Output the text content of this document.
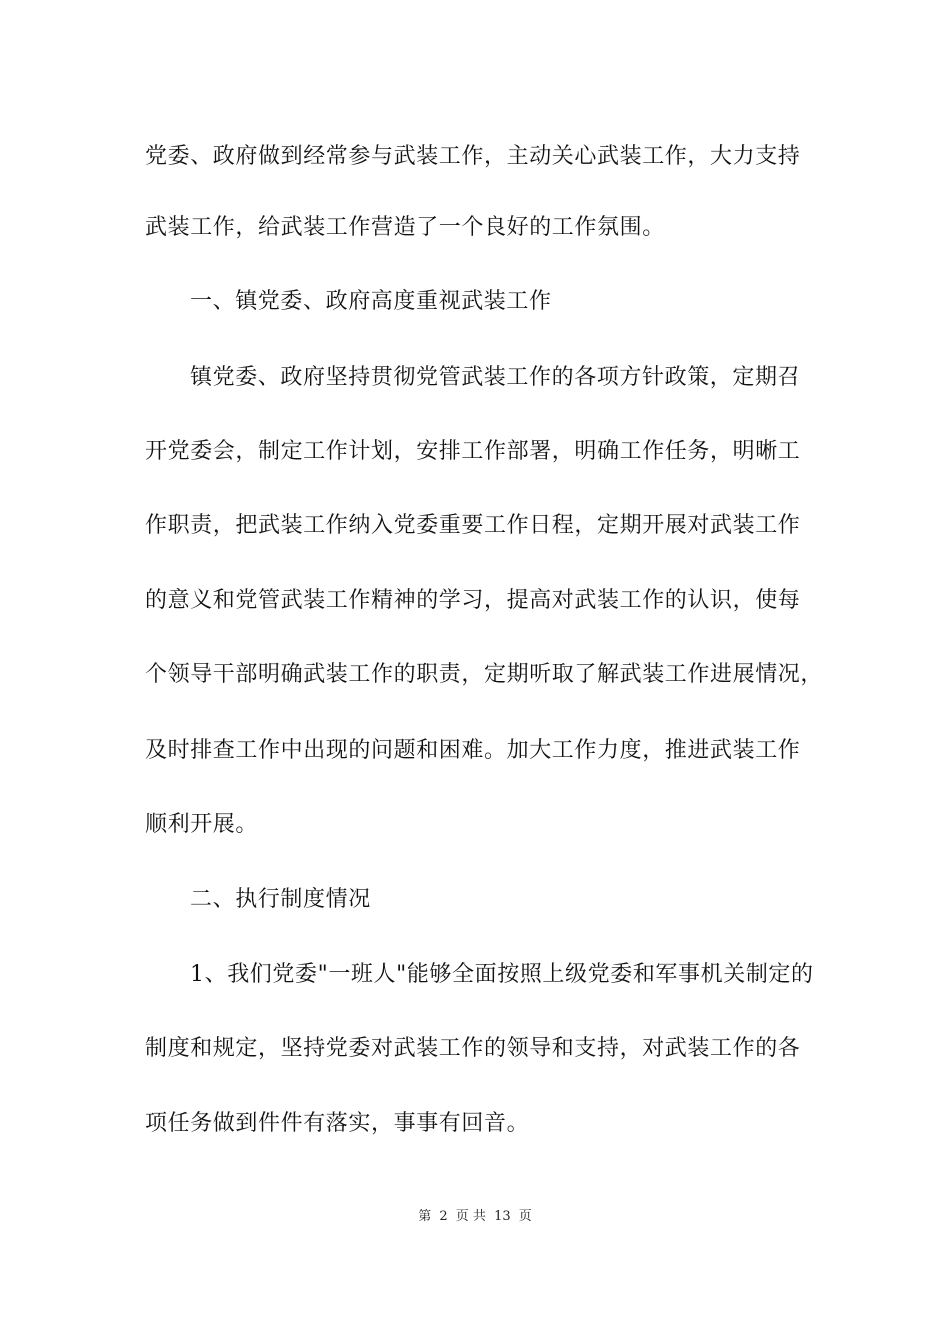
党委、政府做到经常参与武装工作，主动关心武装工作，大力支持
武装工作，给武装工作营造了一个良好的工作氛围。
一、镇党委、政府高度重视武装工作
镇党委、政府坚持贯彻党管武装工作的各项方针政策，定期召
开党委会，制定工作计划，安排工作部署，明确工作任务，明晰工
作职责，把武装工作纳入党委重要工作日程，定期开展对武装工作
的意义和党管武装工作精神的学习，提高对武装工作的认识，使每
个领导干部明确武装工作的职责，定期听取了解武装工作进展情况，
及时排查工作中出现的问题和困难。加大工作力度，推进武装工作
顺利开展。
二、执行制度情况
1、我们党委"一班人"能够全面按照上级党委和军事机关制定的
制度和规定，坚持党委对武装工作的领导和支持，对武装工作的各
项任务做到件件有落实，事事有回音。
第 2 页 共 13 页
